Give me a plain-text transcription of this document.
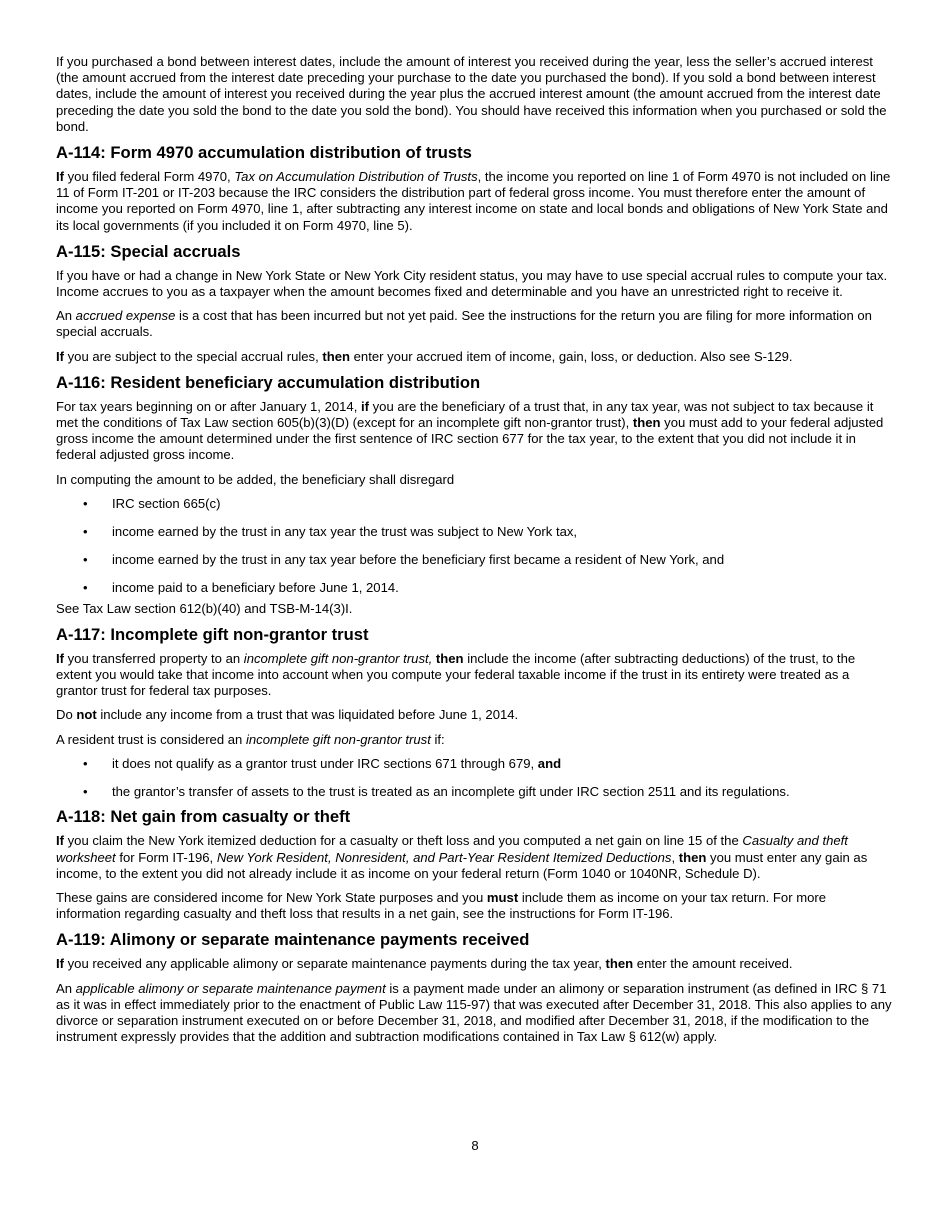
If you purchased a bond between interest dates, include the amount of interest you received during the year, less the seller’s accrued interest (the amount accrued from the interest date preceding your purchase to the date you purchased the bond). If you sold a bond between interest dates, include the amount of interest you received during the year plus the accrued interest amount (the amount accrued from the interest date preceding the date you sold the bond to the date you sold the bond). You should have received this information when you purchased or sold the bond.

A-114: Form 4970 accumulation distribution of trusts

If you filed federal Form 4970, Tax on Accumulation Distribution of Trusts, the income you reported on line 1 of Form 4970 is not included on line 11 of Form IT-201 or IT-203 because the IRC considers the distribution part of federal gross income. You must therefore enter the amount of income you reported on Form 4970, line 1, after subtracting any interest income on state and local bonds and obligations of New York State and its local governments (if you included it on Form 4970, line 5).

A-115: Special accruals

If you have or had a change in New York State or New York City resident status, you may have to use special accrual rules to compute your tax. Income accrues to you as a taxpayer when the amount becomes fixed and determinable and you have an unrestricted right to receive it.

An accrued expense is a cost that has been incurred but not yet paid. See the instructions for the return you are filing for more information on special accruals.

If you are subject to the special accrual rules, then enter your accrued item of income, gain, loss, or deduction. Also see S-129.

A-116: Resident beneficiary accumulation distribution

For tax years beginning on or after January 1, 2014, if you are the beneficiary of a trust that, in any tax year, was not subject to tax because it met the conditions of Tax Law section 605(b)(3)(D) (except for an incomplete gift non-grantor trust), then you must add to your federal adjusted gross income the amount determined under the first sentence of IRC section 677 for the tax year, to the extent that you did not include it in federal adjusted gross income.

In computing the amount to be added, the beneficiary shall disregard

• IRC section 665(c)
• income earned by the trust in any tax year the trust was subject to New York tax,
• income earned by the trust in any tax year before the beneficiary first became a resident of New York, and
• income paid to a beneficiary before June 1, 2014.

See Tax Law section 612(b)(40) and TSB-M-14(3)I.

A-117: Incomplete gift non-grantor trust

If you transferred property to an incomplete gift non-grantor trust, then include the income (after subtracting deductions) of the trust, to the extent you would take that income into account when you compute your federal taxable income if the trust in its entirety were treated as a grantor trust for federal tax purposes.

Do not include any income from a trust that was liquidated before June 1, 2014.

A resident trust is considered an incomplete gift non-grantor trust if:

• it does not qualify as a grantor trust under IRC sections 671 through 679, and
• the grantor’s transfer of assets to the trust is treated as an incomplete gift under IRC section 2511 and its regulations.
A-118: Net gain from casualty or theft

If you claim the New York itemized deduction for a casualty or theft loss and you computed a net gain on line 15 of the Casualty and theft worksheet for Form IT-196, New York Resident, Nonresident, and Part-Year Resident Itemized Deductions, then you must enter any gain as income, to the extent you did not already include it as income on your federal return (Form 1040 or 1040NR, Schedule D).

These gains are considered income for New York State purposes and you must include them as income on your tax return. For more information regarding casualty and theft loss that results in a net gain, see the instructions for Form IT-196.

A-119: Alimony or separate maintenance payments received

If you received any applicable alimony or separate maintenance payments during the tax year, then enter the amount received.

An applicable alimony or separate maintenance payment is a payment made under an alimony or separation instrument (as defined in IRC § 71 as it was in effect immediately prior to the enactment of Public Law 115-97) that was executed after December 31, 2018. This also applies to any divorce or separation instrument executed on or before December 31, 2018, and modified after December 31, 2018, if the modification to the instrument expressly provides that the addition and subtraction modifications contained in Tax Law § 612(w) apply.

8
